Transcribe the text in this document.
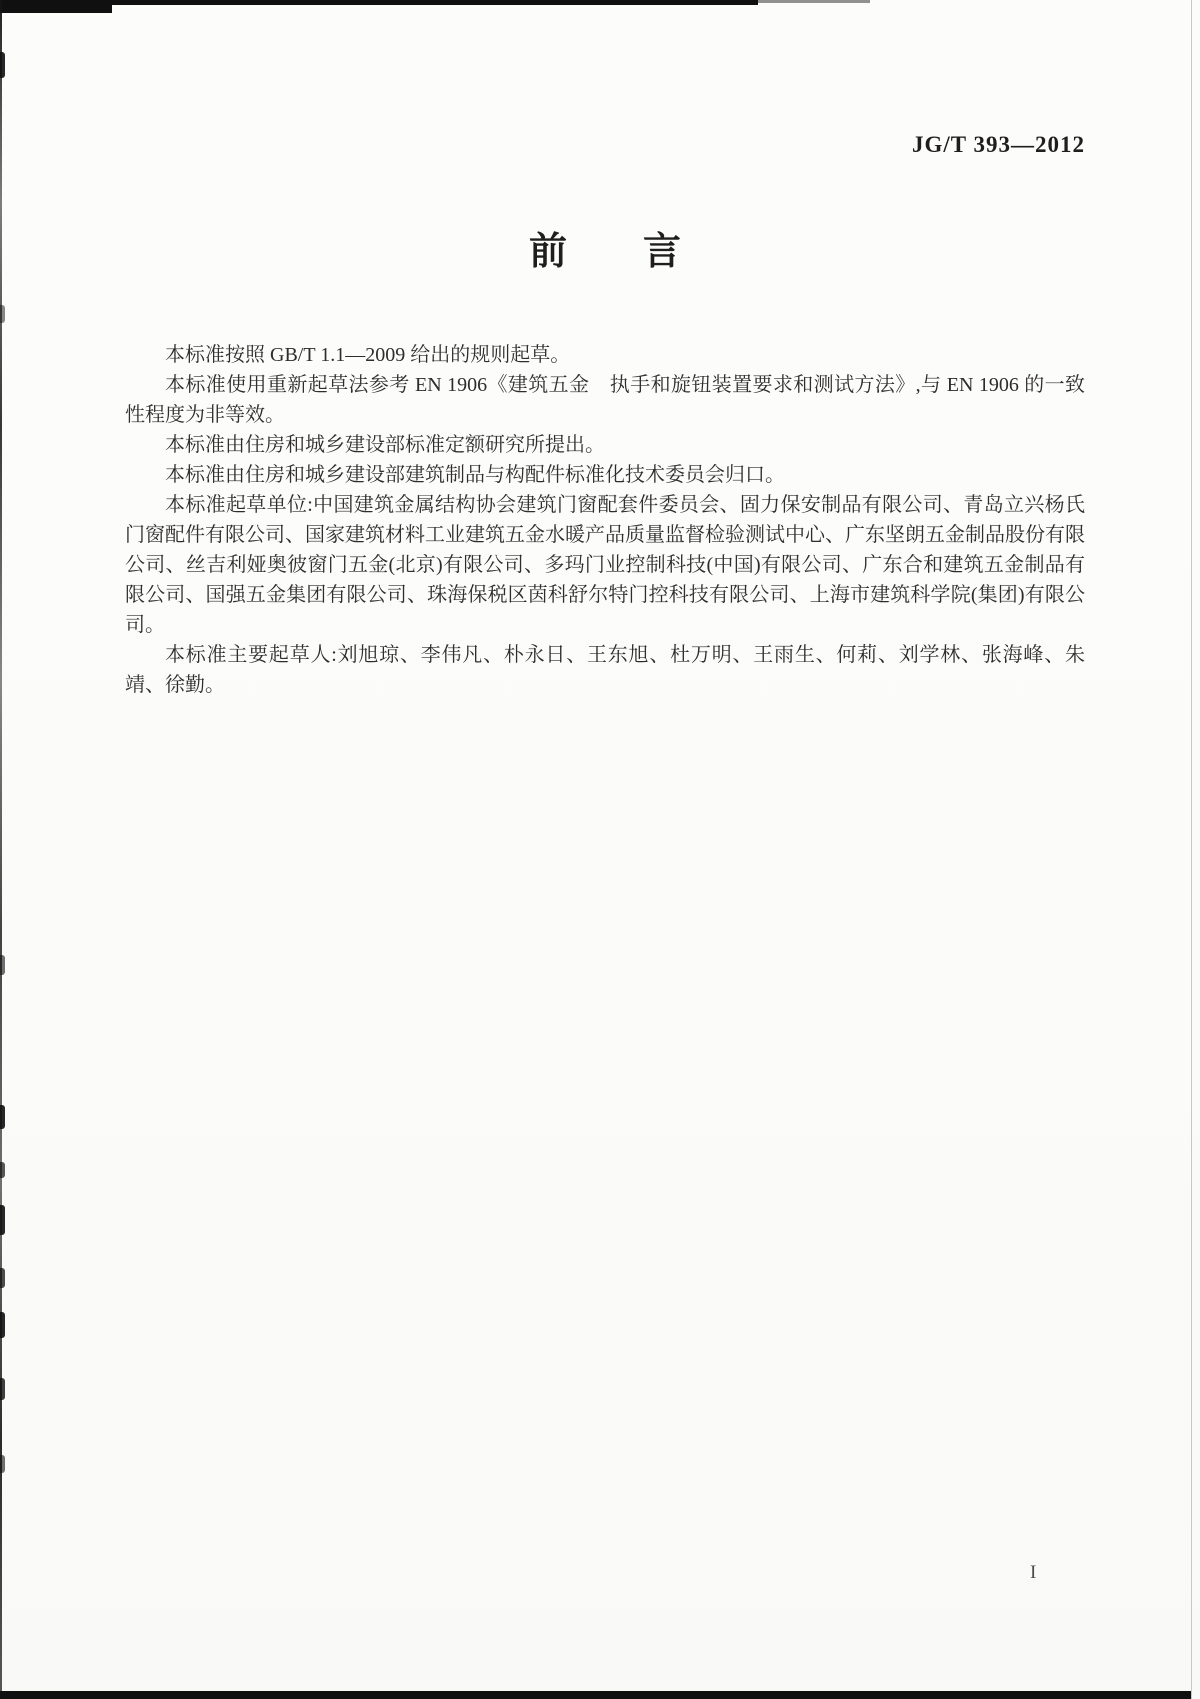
JG/T 393—2012
前　　言

本标准按照 GB/T 1.1—2009 给出的规则起草。

本标准使用重新起草法参考 EN 1906《建筑五金　执手和旋钮装置要求和测试方法》,与 EN 1906 的一致性程度为非等效。

本标准由住房和城乡建设部标准定额研究所提出。

本标准由住房和城乡建设部建筑制品与构配件标准化技术委员会归口。

本标准起草单位:中国建筑金属结构协会建筑门窗配套件委员会、固力保安制品有限公司、青岛立兴杨氏门窗配件有限公司、国家建筑材料工业建筑五金水暖产品质量监督检验测试中心、广东坚朗五金制品股份有限公司、丝吉利娅奥彼窗门五金(北京)有限公司、多玛门业控制科技(中国)有限公司、广东合和建筑五金制品有限公司、国强五金集团有限公司、珠海保税区茵科舒尔特门控科技有限公司、上海市建筑科学院(集团)有限公司。

本标准主要起草人:刘旭琼、李伟凡、朴永日、王东旭、杜万明、王雨生、何莉、刘学林、张海峰、朱靖、徐勤。

I
